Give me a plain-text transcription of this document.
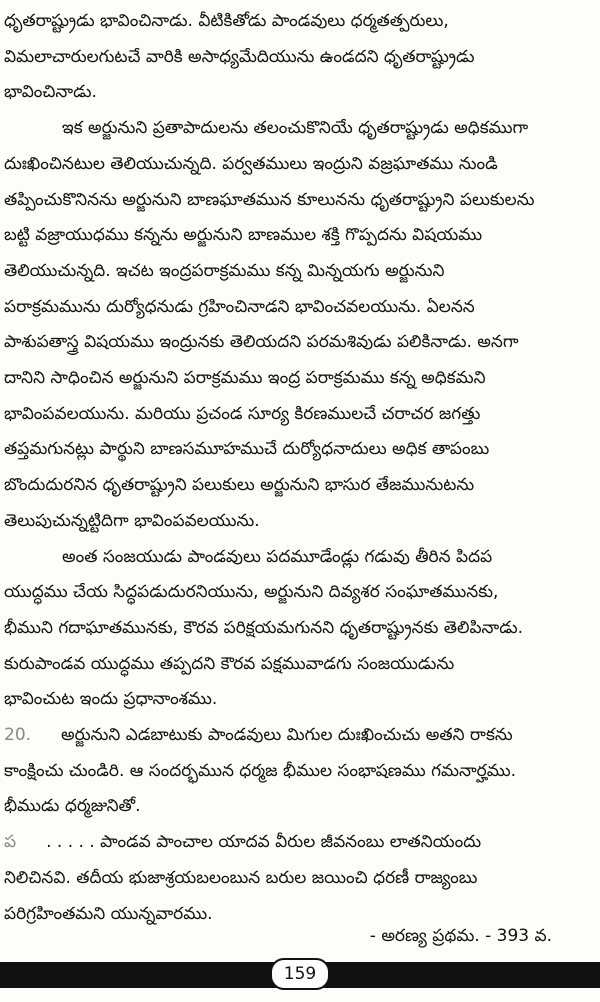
ధృతరాష్ట్రుడు భావించినాడు. వీటికితోడు పాండవులు ధర్మతత్పరులు,
విమలాచారులగుటచే వారికి అసాధ్యమేదియును ఉండదని ధృతరాష్ట్రుడు
భావించినాడు.
ఇక అర్జునుని ప్రతాపాదులను తలంచుకొనియే ధృతరాష్ట్రుడు అధికముగా
దుఃఖించినటుల తెలియుచున్నది. పర్వతములు ఇంద్రుని వజ్రఘాతము నుండి
తప్పించుకొనినను అర్జునుని బాణఘాతమున కూలునను ధృతరాష్ట్రుని పలుకులను
బట్టి వజ్రాయుధము కన్నను అర్జునుని బాణముల శక్తి గొప్పదను విషయము
తెలియుచున్నది. ఇచట ఇంద్రపరాక్రమము కన్న మిన్నయగు అర్జునుని
పరాక్రమమును దుర్యోధనుడు గ్రహించినాడని భావించవలయును. ఏలనన
పాశుపతాస్త్ర విషయము ఇంద్రునకు తెలియదని పరమశివుడు పలికినాడు. అనగా
దానిని సాధించిన అర్జునుని పరాక్రమము ఇంద్ర పరాక్రమము కన్న అధికమని
భావింపవలయును. మరియు ప్రచండ సూర్య కిరణములచే చరాచర జగత్తు
తప్తమగునట్లు పార్థుని బాణసమూహముచే దుర్యోధనాదులు అధిక తాపంబు
బొందుదురనిన ధృతరాష్ట్రుని పలుకులు అర్జునుని భాసుర తేజమునుటను
తెలుపుచున్నట్టిదిగా భావింపవలయును.
అంత సంజయుడు పాండవులు పదమూడేండ్లు గడువు తీరిన పిదప
యుద్ధము చేయ సిద్ధపడుదురనియును, అర్జునుని దివ్యశర సంఘాతమునకు,
భీముని గదాఘాతమునకు, కౌరవ పరిక్షయమగునని ధృతరాష్ట్రునకు తెలిపినాడు.
కురుపాండవ యుద్ధము తప్పదని కౌరవ పక్షమువాడగు సంజయుడును
భావించుట ఇందు ప్రధానాంశము.
20. అర్జునుని ఎడబాటుకు పాండవులు మిగుల దుఃఖించుచు అతని రాకను
కాంక్షించు చుండిరి. ఆ సందర్భమున ధర్మజ భీముల సంభాషణము గమనార్హము.
భీముడు ధర్మజునితో.
ప . . . . . పాండవ పాంచాల యాదవ వీరుల జీవనంబు లాతనియందు
నిలిచినవి. తదీయ భుజాశ్రయబలంబున బరుల జయించి ధరణీ రాజ్యంబు
పరిగ్రహింతమని యున్నవారము.
- అరణ్య ప్రథమ. - 393 వ.
159
